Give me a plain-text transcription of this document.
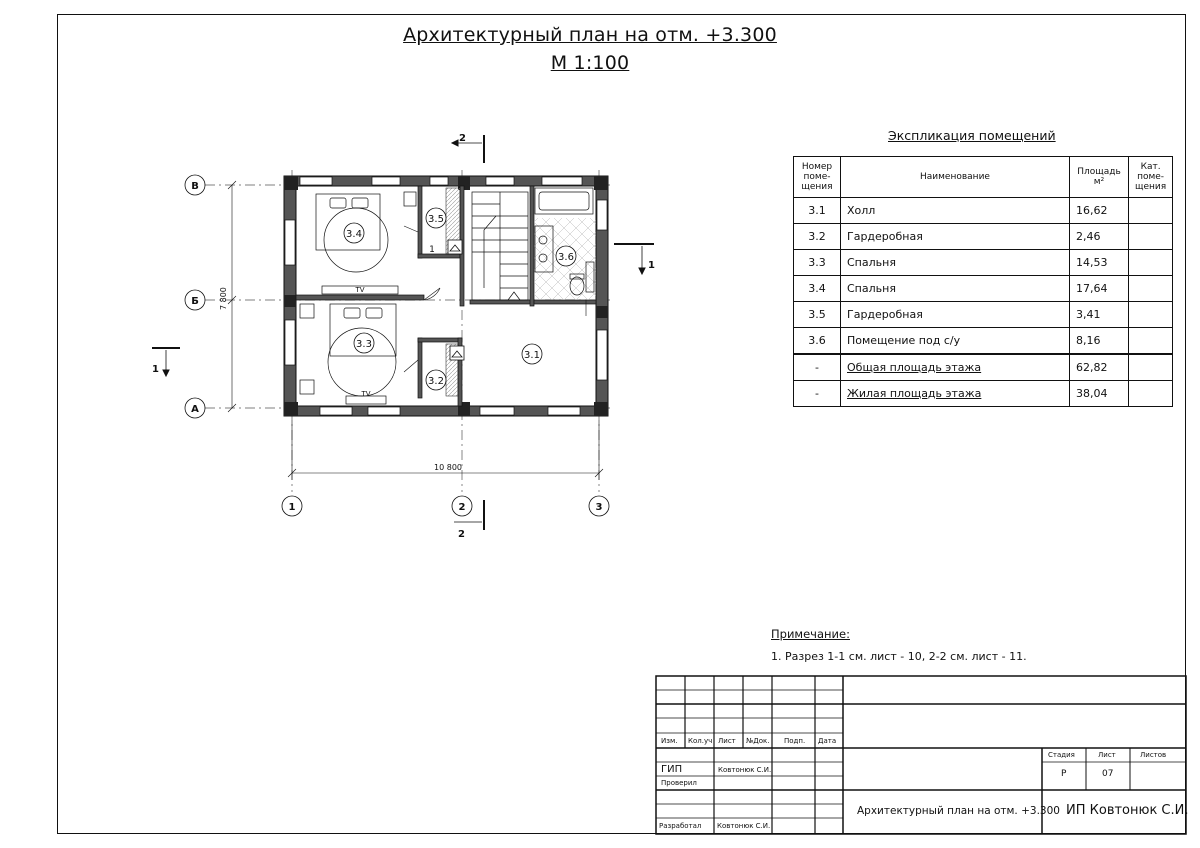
Архитектурный план на отм. +3.300
М 1:100
3.4
3.5
3.6
3.3
3.2
3.1
TV
TV
1
7 800
10 800
В
Б
А
1	2	3
2
2
1
1
Экспликация помещений
Номер поме- щения	Наименование	Площадь м²	Кат. поме- щения
3.1	Холл	16,62	
3.2	Гардеробная	2,46	
3.3	Спальня	14,53	
3.4	Спальня	17,64	
3.5	Гардеробная	3,41	
3.6	Помещение под с/у	8,16	
-	Общая площадь этажа	62,82	
-	Жилая площадь этажа	38,04	
Примечание:
1. Разрез 1-1 см. лист - 10, 2-2 см. лист - 11.
Изм. Кол.уч Лист №Док. Подп. Дата
ГИП	Ковтонюк С.И.
Проверил
Разработал Ковтонюк С.И.
Стадия	Лист	Листов
Р	07
Архитектурный план на отм. +3.300 ИП Ковтонюк С.И.
